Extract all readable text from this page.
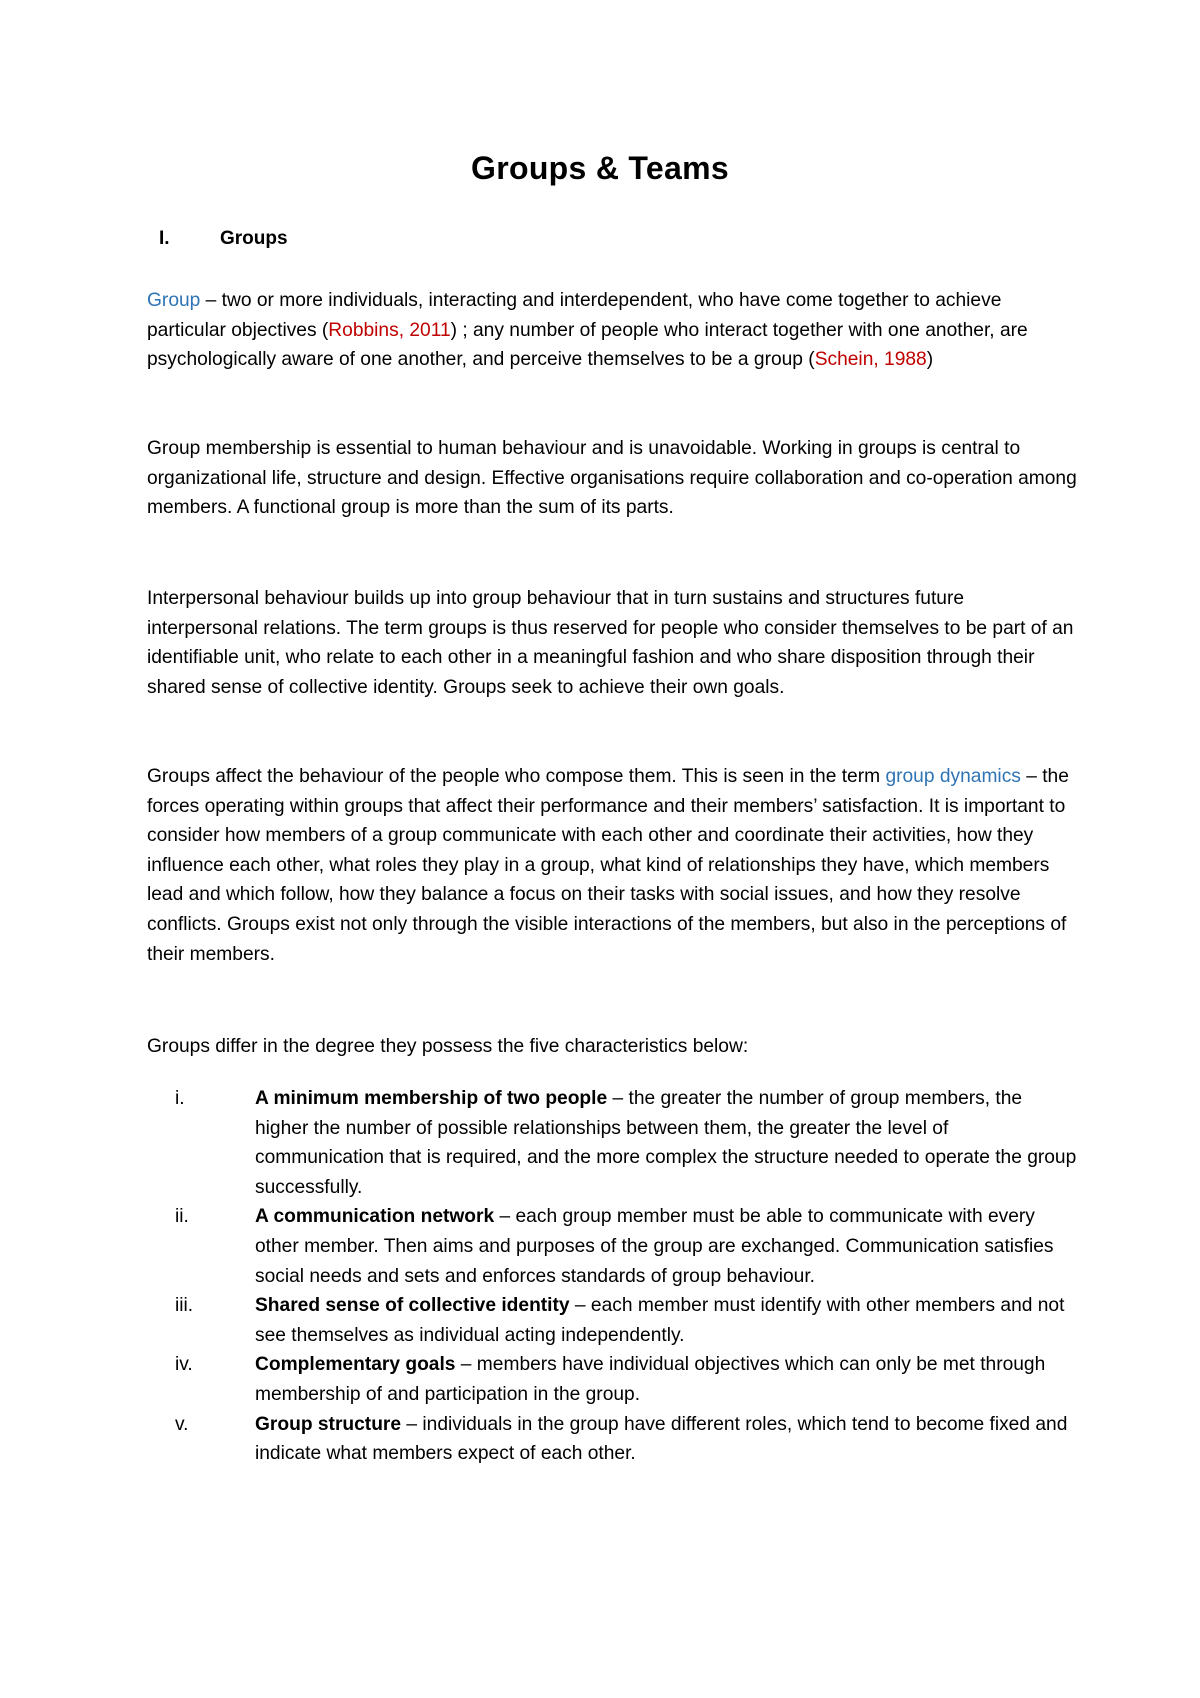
Groups & Teams
I.	Groups
Group – two or more individuals, interacting and interdependent, who have come together to achieve particular objectives (Robbins, 2011) ; any number of people who interact together with one another, are psychologically aware of one another, and perceive themselves to be a group (Schein, 1988)
Group membership is essential to human behaviour and is unavoidable. Working in groups is central to organizational life, structure and design. Effective organisations require collaboration and co-operation among members. A functional group is more than the sum of its parts.
Interpersonal behaviour builds up into group behaviour that in turn sustains and structures future interpersonal relations. The term groups is thus reserved for people who consider themselves to be part of an identifiable unit, who relate to each other in a meaningful fashion and who share disposition through their shared sense of collective identity. Groups seek to achieve their own goals.
Groups affect the behaviour of the people who compose them. This is seen in the term group dynamics – the forces operating within groups that affect their performance and their members’ satisfaction. It is important to consider how members of a group communicate with each other and coordinate their activities, how they influence each other, what roles they play in a group, what kind of relationships they have, which members lead and which follow, how they balance a focus on their tasks with social issues, and how they resolve conflicts. Groups exist not only through the visible interactions of the members, but also in the perceptions of their members.
Groups differ in the degree they possess the five characteristics below:
i.	A minimum membership of two people – the greater the number of group members, the higher the number of possible relationships between them, the greater the level of communication that is required, and the more complex the structure needed to operate the group successfully.
ii.	A communication network – each group member must be able to communicate with every other member. Then aims and purposes of the group are exchanged. Communication satisfies social needs and sets and enforces standards of group behaviour.
iii.	Shared sense of collective identity – each member must identify with other members and not see themselves as individual acting independently.
iv.	Complementary goals – members have individual objectives which can only be met through membership of and participation in the group.
v.	Group structure – individuals in the group have different roles, which tend to become fixed and indicate what members expect of each other.
